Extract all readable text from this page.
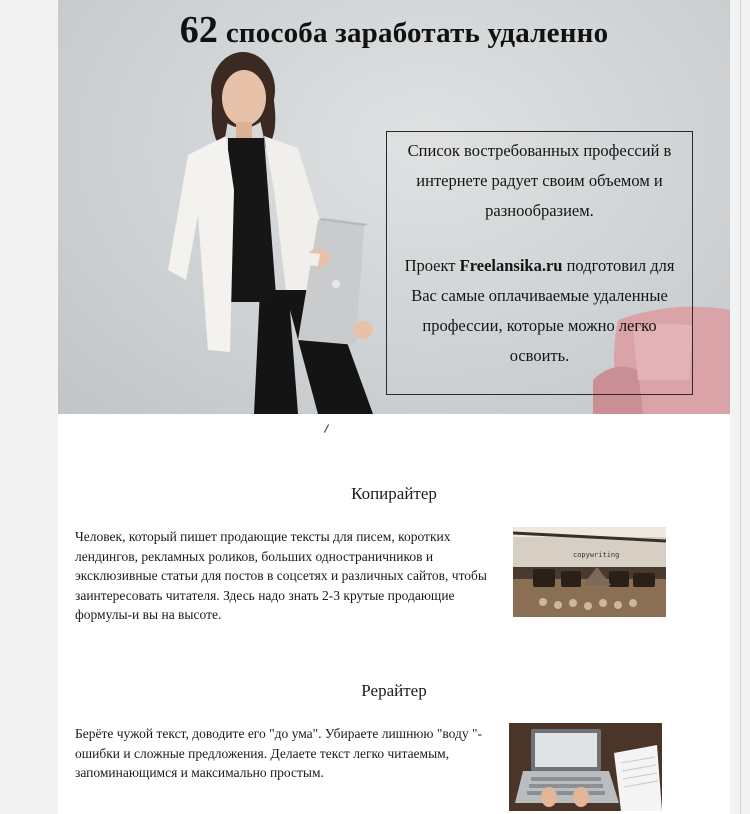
62 способа заработать удаленно

Список востребованных профессий в интернете радует своим объемом и разнообразием.

Проект Freelansika.ru подготовил для Вас самые оплачиваемые удаленные профессии, которые можно легко освоить.

Копирайтер
Человек, который пишет продающие тексты для писем, коротких лендингов, рекламных роликов, больших одностраничников и эксклюзивные статьи для постов в соцсетях и различных сайтов, чтобы заинтересовать читателя. Здесь надо знать 2-3 крутые продающие формулы-и вы на высоте.
copywriting
Рерайтер
Берёте чужой текст, доводите его "до ума". Убираете лишнюю "воду "- ошибки и сложные предложения. Делаете текст легко читаемым, запоминающимся и максимально простым.
